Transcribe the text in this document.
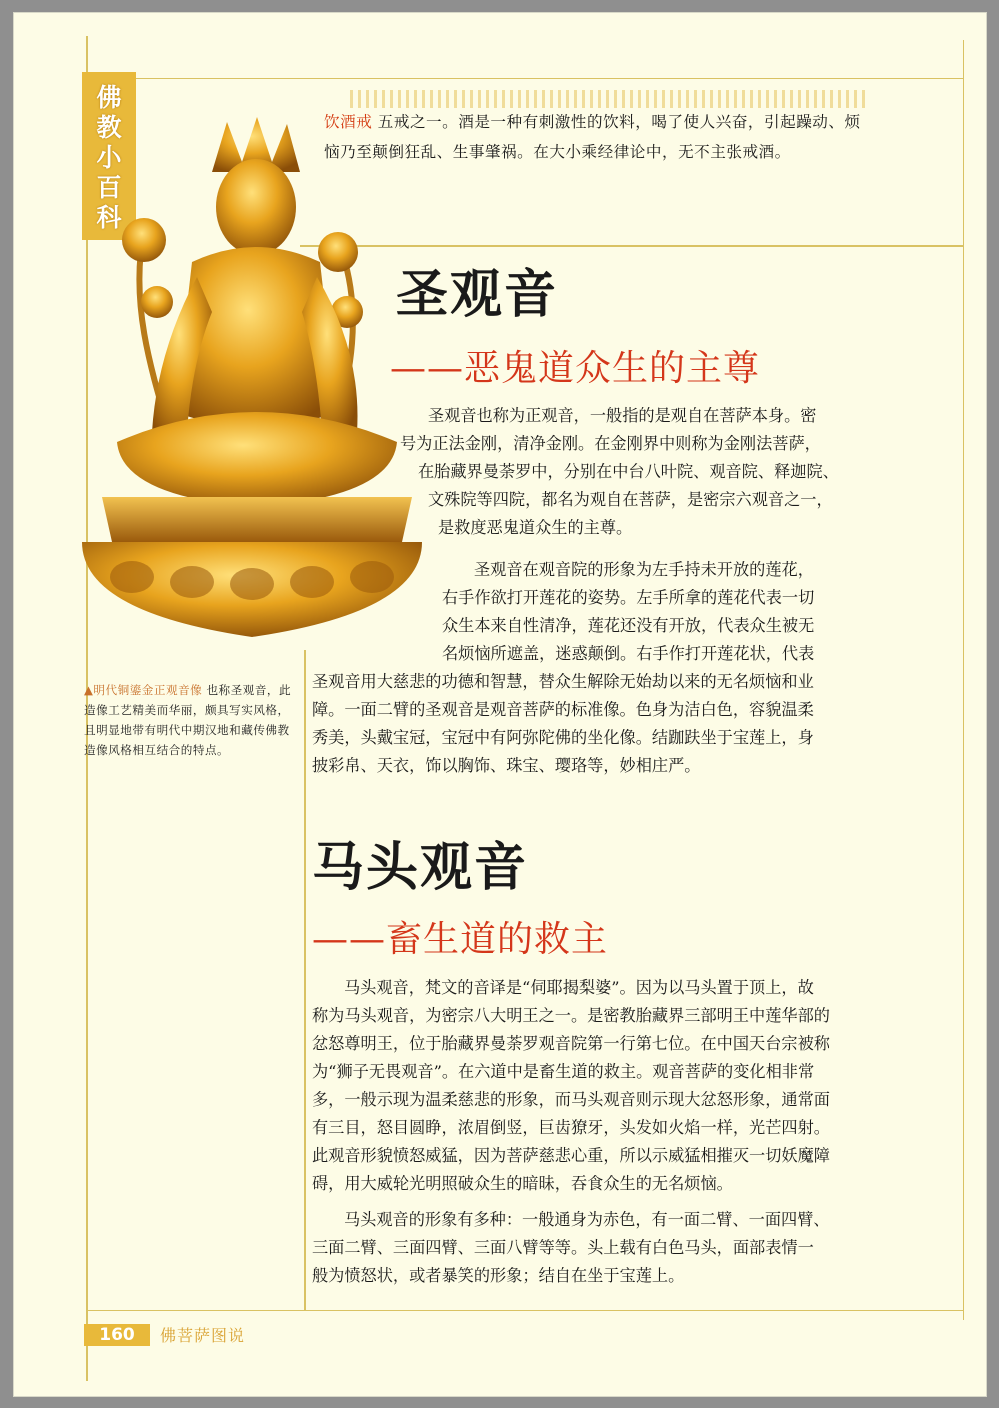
佛
教
小
百
科
饮酒戒 五戒之一。酒是一种有刺激性的饮料，喝了使人兴奋，引起躁动、烦恼乃至颠倒狂乱、生事肇祸。在大小乘经律论中，无不主张戒酒。
圣观音
——恶鬼道众生的主尊

圣观音也称为正观音，一般指的是观自在菩萨本身。密

号为正法金刚，清净金刚。在金刚界中则称为金刚法菩萨，

在胎藏界曼荼罗中，分别在中台八叶院、观音院、释迦院、

文殊院等四院，都名为观自在菩萨，是密宗六观音之一，

是救度恶鬼道众生的主尊。

圣观音在观音院的形象为左手持未开放的莲花，

右手作欲打开莲花的姿势。左手所拿的莲花代表一切

众生本来自性清净，莲花还没有开放，代表众生被无

名烦恼所遮盖，迷惑颠倒。右手作打开莲花状，代表

圣观音用大慈悲的功德和智慧，替众生解除无始劫以来的无名烦恼和业

障。一面二臂的圣观音是观音菩萨的标准像。色身为洁白色，容貌温柔

秀美，头戴宝冠，宝冠中有阿弥陀佛的坐化像。结跏趺坐于宝莲上，身

披彩帛、天衣，饰以胸饰、珠宝、璎珞等，妙相庄严。

▲明代铜鎏金正观音像 也称圣观音，此造像工艺精美而华丽，颇具写实风格，且明显地带有明代中期汉地和藏传佛教造像风格相互结合的特点。
马头观音
——畜生道的救主

马头观音，梵文的音译是“伺耶揭梨婆”。因为以马头置于顶上，故

称为马头观音，为密宗八大明王之一。是密教胎藏界三部明王中莲华部的

忿怒尊明王，位于胎藏界曼荼罗观音院第一行第七位。在中国天台宗被称

为“狮子无畏观音”。在六道中是畜生道的救主。观音菩萨的变化相非常

多，一般示现为温柔慈悲的形象，而马头观音则示现大忿怒形象，通常面

有三目，怒目圆睁，浓眉倒竖，巨齿獠牙，头发如火焰一样，光芒四射。

此观音形貌愤怒威猛，因为菩萨慈悲心重，所以示威猛相摧灭一切妖魔障

碍，用大威轮光明照破众生的暗昧，吞食众生的无名烦恼。

马头观音的形象有多种：一般通身为赤色，有一面二臂、一面四臂、

三面二臂、三面四臂、三面八臂等等。头上载有白色马头，面部表情一

般为愤怒状，或者暴笑的形象；结自在坐于宝莲上。

160	佛菩萨图说
